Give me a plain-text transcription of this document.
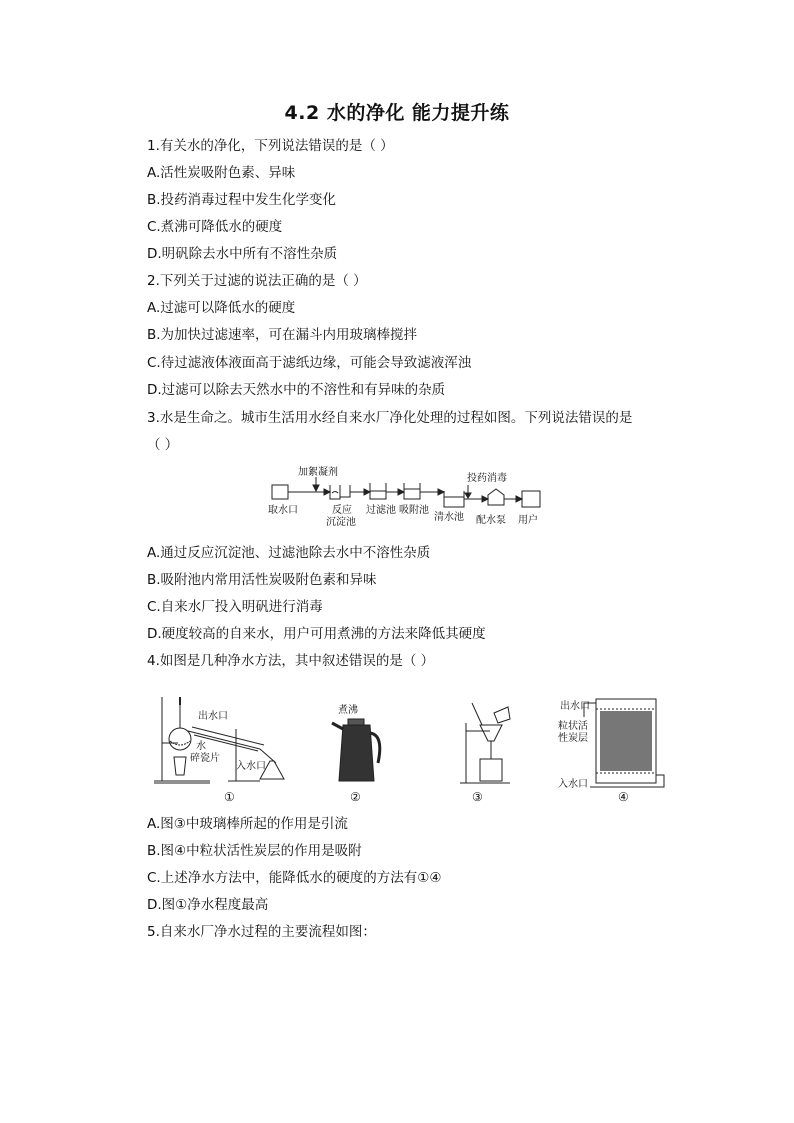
4.2 水的净化 能力提升练
1.有关水的净化，下列说法错误的是（ ）
A.活性炭吸附色素、异味
B.投药消毒过程中发生化学变化
C.煮沸可降低水的硬度
D.明矾除去水中所有不溶性杂质
2.下列关于过滤的说法正确的是（ ）
A.过滤可以降低水的硬度
B.为加快过滤速率，可在漏斗内用玻璃棒搅拌
C.待过滤液体液面高于滤纸边缘，可能会导致滤液浑浊
D.过滤可以除去天然水中的不溶性和有异味的杂质
3.水是生命之。城市生活用水经自来水厂净化处理的过程如图。下列说法错误的是
（ ）
加絮凝剂
投药消毒
取水口	反应
沉淀池
过滤池 吸附池
清水池 配水泵 用户
A.通过反应沉淀池、过滤池除去水中不溶性杂质
B.吸附池内常用活性炭吸附色素和异味
C.自来水厂投入明矾进行消毒
D.硬度较高的自来水，用户可用煮沸的方法来降低其硬度
4.如图是几种净水方法，其中叙述错误的是（ ）
出水口
水
碎瓷片
入水口
煮沸	出水口
粒状活
性炭层
入水口
①	②	③	④
A.图③中玻璃棒所起的作用是引流
B.图④中粒状活性炭层的作用是吸附
C.上述净水方法中，能降低水的硬度的方法有①④
D.图①净水程度最高
5.自来水厂净水过程的主要流程如图：
